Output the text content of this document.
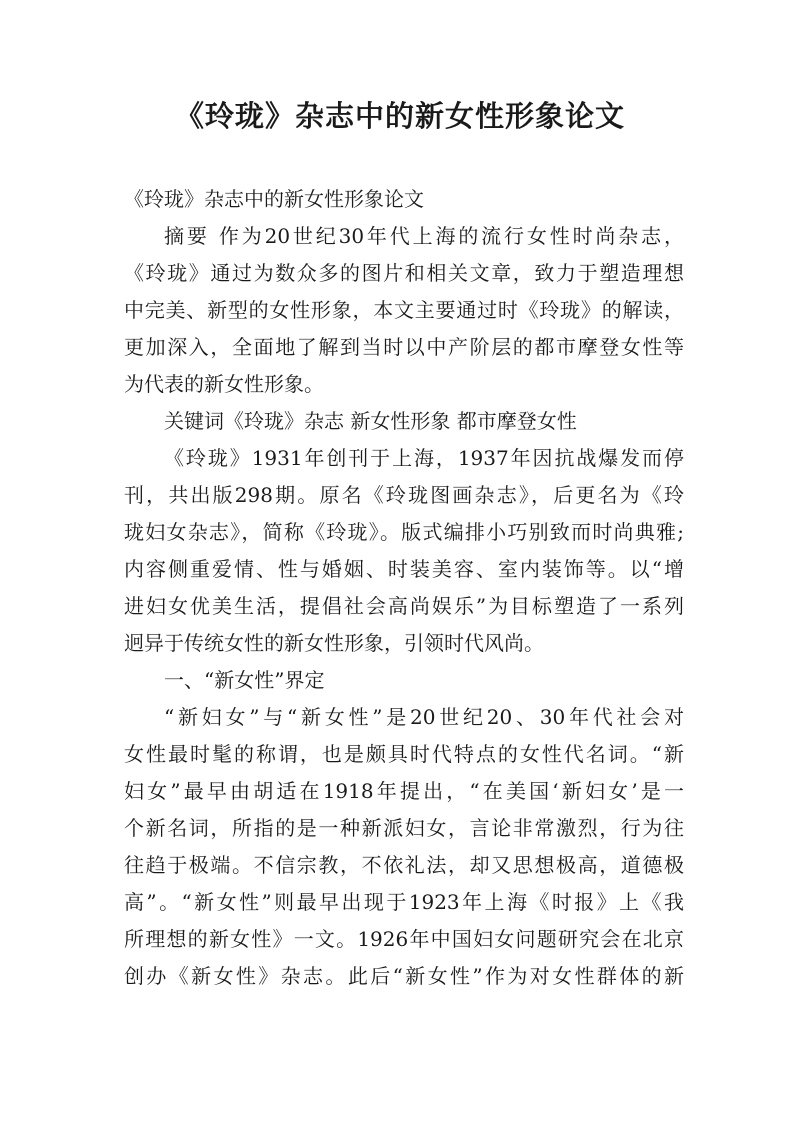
《玲珑》杂志中的新女性形象论文
《玲珑》杂志中的新女性形象论文
摘要 作为20世纪30年代上海的流行女性时尚杂志，
《玲珑》通过为数众多的图片和相关文章，致力于塑造理想
中完美、新型的女性形象，本文主要通过时《玲珑》的解读，
更加深入，全面地了解到当时以中产阶层的都市摩登女性等
为代表的新女性形象。
关键词《玲珑》杂志 新女性形象 都市摩登女性
《玲珑》1931年创刊于上海，1937年因抗战爆发而停
刊，共出版298期。原名《玲珑图画杂志》，后更名为《玲
珑妇女杂志》，简称《玲珑》。版式编排小巧别致而时尚典雅;
内容侧重爱情、性与婚姻、时装美容、室内装饰等。以“增
进妇女优美生活，提倡社会高尚娱乐”为目标塑造了一系列
迥异于传统女性的新女性形象，引领时代风尚。
一、“新女性”界定
“新妇女”与“新女性”是20世纪20、30年代社会对
女性最时髦的称谓，也是颇具时代特点的女性代名词。“新
妇女”最早由胡适在1918年提出，“在美国‘新妇女’是一
个新名词，所指的是一种新派妇女，言论非常激烈，行为往
往趋于极端。不信宗教，不依礼法，却又思想极高，道德极
高”。“新女性”则最早出现于1923年上海《时报》上《我
所理想的新女性》一文。1926年中国妇女问题研究会在北京
创办《新女性》杂志。此后“新女性”作为对女性群体的新
